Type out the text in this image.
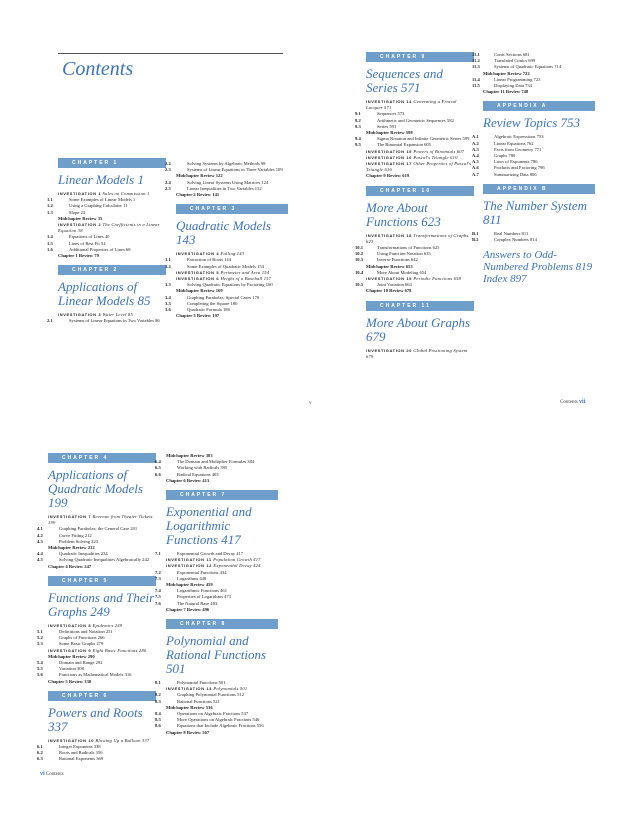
Contents
CHAPTER 1
Linear Models 1
INVESTIGATION 1 Sales on Commission 1
1.1	Some Examples of Linear Models 1
1.2	Using a Graphing Calculator 11
1.3	Slope 23
Midchapter Review 35
INVESTIGATION 2 The Coefficients in a Linear Equation 38
1.4	Equations of Lines 40
1.5	Lines of Best Fit 54
1.6	Additional Properties of Lines 68
Chapter 1 Review 79
CHAPTER 2
Applications of Linear Models 85
INVESTIGATION 3 Water Level 85
2.1	Systems of Linear Equations in Two Variables 86
2.2	Solving Systems by Algebraic Methods 98
2.3	Systems of Linear Equations in Three Variables 109
Midchapter Review 122
2.4	Solving Linear Systems Using Matrices 124
2.5	Linear Inequalities in Two Variables 132
Chapter 2 Review 141
CHAPTER 3
Quadratic Models 143
INVESTIGATION 4 Falling 143
3.1	Extraction of Roots 144
3.2	Some Examples of Quadratic Models 154
INVESTIGATION 5 Perimeter and Area 154
INVESTIGATION 6 Height of a Baseball 157
3.3	Solving Quadratic Equations by Factoring 160
Midchapter Review 169
3.4	Graphing Parabolas; Special Cases 170
3.5	Completing the Square 180
3.6	Quadratic Formula 186
Chapter 3 Review 197
CHAPTER 9
Sequences and Series 571
INVESTIGATION 14 Generating a Fractal Lacquer 571
9.1	Sequences 573
9.2	Arithmetic and Geometric Sequences 582
9.3	Series 591
Midchapter Review 598
9.4	Sigma Notation and Infinite Geometric Series 599
9.5	The Binomial Expansion 605
INVESTIGATION 15 Powers of Binomials 607
INVESTIGATION 16 Pascal's Triangle 610
INVESTIGATION 17 Other Properties of Pascal's Triangle 616
Chapter 9 Review 619
CHAPTER 10
More About Functions 623
INVESTIGATION 18 Transformations of Graphs 623
10.1	Transformations of Functions 625
10.2	Using Function Notation 635
10.3	Inverse Functions 642
Midchapter Review 653
10.4	More About Modeling 654
INVESTIGATION 19 Periodic Functions 658
10.5	Joint Variation 663
Chapter 10 Review 678
CHAPTER 11
More About Graphs 679
INVESTIGATION 20 Global Positioning System 679
11.1	Conic Sections 681
11.2	Translated Conics 699
11.3	Systems of Quadratic Equations 714
Midchapter Review 722
11.4	Linear Programming 723
11.5	Displaying Data 734
Chapter 11 Review 748
APPENDIX A
Review Topics 753
A.1	Algebraic Expressions 753
A.2	Linear Equations 762
A.3	Facts from Geometry 771
A.4	Graphs 780
A.5	Laws of Exponents 786
A.6	Products and Factoring 796
A.7	Summarizing Data 806
APPENDIX B
The Number System 811
B.1	Real Numbers 811
B.2	Complex Numbers 814
Answers to Odd-Numbered Problems 819
Index 897
v	Contents vii
CHAPTER 4
Applications of Quadratic Models 199
INVESTIGATION 7 Revenue from Theater Tickets 199
4.1	Graphing Parabolas; the General Case 201
4.2	Curve Fitting 212
4.3	Problem Solving 223
Midchapter Review 232
4.4	Quadratic Inequalities 234
4.5	Solving Quadratic Inequalities Algebraically 242
Chapter 4 Review 247
CHAPTER 5
Functions and Their Graphs 249
INVESTIGATION 8 Epidemics 249
5.1	Definitions and Notation 251
5.2	Graphs of Functions 266
5.3	Some Basic Graphs 279
INVESTIGATION 9 Eight Basic Functions 280
Midchapter Review 290
5.4	Domain and Range 292
5.5	Variation 308
5.6	Functions as Mathematical Models 316
Chapter 5 Review 330
CHAPTER 6
Powers and Roots 337
INVESTIGATION 10 Blowing Up a Balloon 337
6.1	Integer Exponents 338
6.2	Roots and Radicals 356
6.3	Rational Exponents 369
Midchapter Review 383
6.4	The Domain and Multiplier Formulas 384
6.5	Working with Radicals 395
6.6	Radical Equations 403
Chapter 6 Review 413
CHAPTER 7
Exponential and Logarithmic Functions 417
7.1	Exponential Growth and Decay 417
INVESTIGATION 11 Population Growth 417
INVESTIGATION 12 Exponential Decay 424
7.2	Exponential Functions 434
7.3	Logarithms 448
Midchapter Review 459
7.4	Logarithmic Functions 461
7.5	Properties of Logarithms 473
7.6	The Natural Base 483
Chapter 7 Review 496
CHAPTER 8
Polynomial and Rational Functions 501
8.1	Polynomial Functions 501
INVESTIGATION 13 Polynomials 501
8.2	Graphing Polynomial Functions 512
8.3	Rational Functions 521
Midchapter Review 536
8.4	Operations on Algebraic Fractions 537
8.5	More Operations on Algebraic Fractions 546
8.6	Equations that Include Algebraic Fractions 556
Chapter 8 Review 567
vi Contents
